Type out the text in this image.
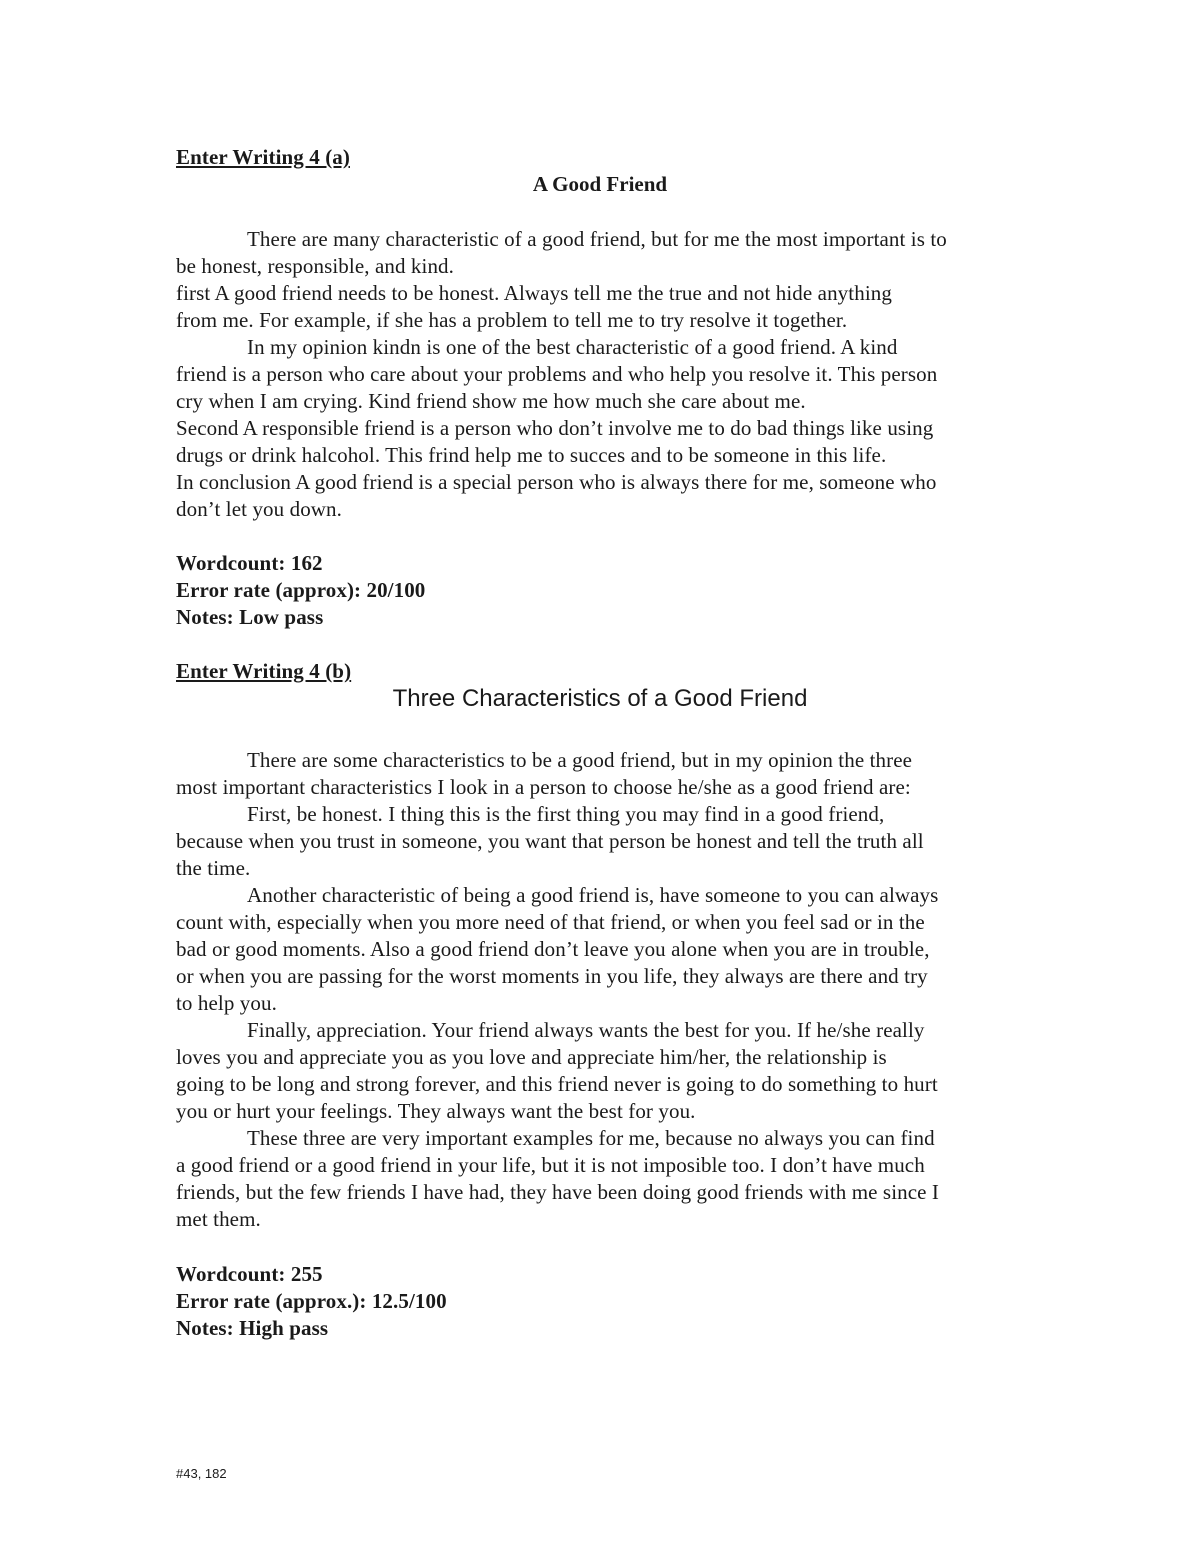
Enter Writing 4 (a)
A Good Friend
There are many characteristic of a good friend, but for me the most important is to
be honest, responsible, and kind.
first A good friend needs to be honest. Always tell me the true and not hide anything
from me. For example, if she has a problem to tell me to try resolve it together.
In my opinion kindn is one of the best characteristic of a good friend. A kind
friend is a person who care about your problems and who help you resolve it. This person
cry when I am crying. Kind friend show me how much she care about me.
Second A responsible friend is a person who don’t involve me to do bad things like using
drugs or drink halcohol. This frind help me to succes and to be someone in this life.
In conclusion A good friend is a special person who is always there for me, someone who
don’t let you down.
Wordcount: 162
Error rate (approx): 20/100
Notes: Low pass
Enter Writing 4 (b)
Three Characteristics of a Good Friend
There are some characteristics to be a good friend, but in my opinion the three
most important characteristics I look in a person to choose he/she as a good friend are:
First, be honest. I thing this is the first thing you may find in a good friend,
because when you trust in someone, you want that person be honest and tell the truth all
the time.
Another characteristic of being a good friend is, have someone to you can always
count with, especially when you more need of that friend, or when you feel sad or in the
bad or good moments. Also a good friend don’t leave you alone when you are in trouble,
or when you are passing for the worst moments in you life, they always are there and try
to help you.
Finally, appreciation. Your friend always wants the best for you. If he/she really
loves you and appreciate you as you love and appreciate him/her, the relationship is
going to be long and strong forever, and this friend never is going to do something to hurt
you or hurt your feelings. They always want the best for you.
These three are very important examples for me, because no always you can find
a good friend or a good friend in your life, but it is not imposible too. I don’t have much
friends, but the few friends I have had, they have been doing good friends with me since I
met them.
Wordcount: 255
Error rate (approx.): 12.5/100
Notes: High pass
#43, 182
